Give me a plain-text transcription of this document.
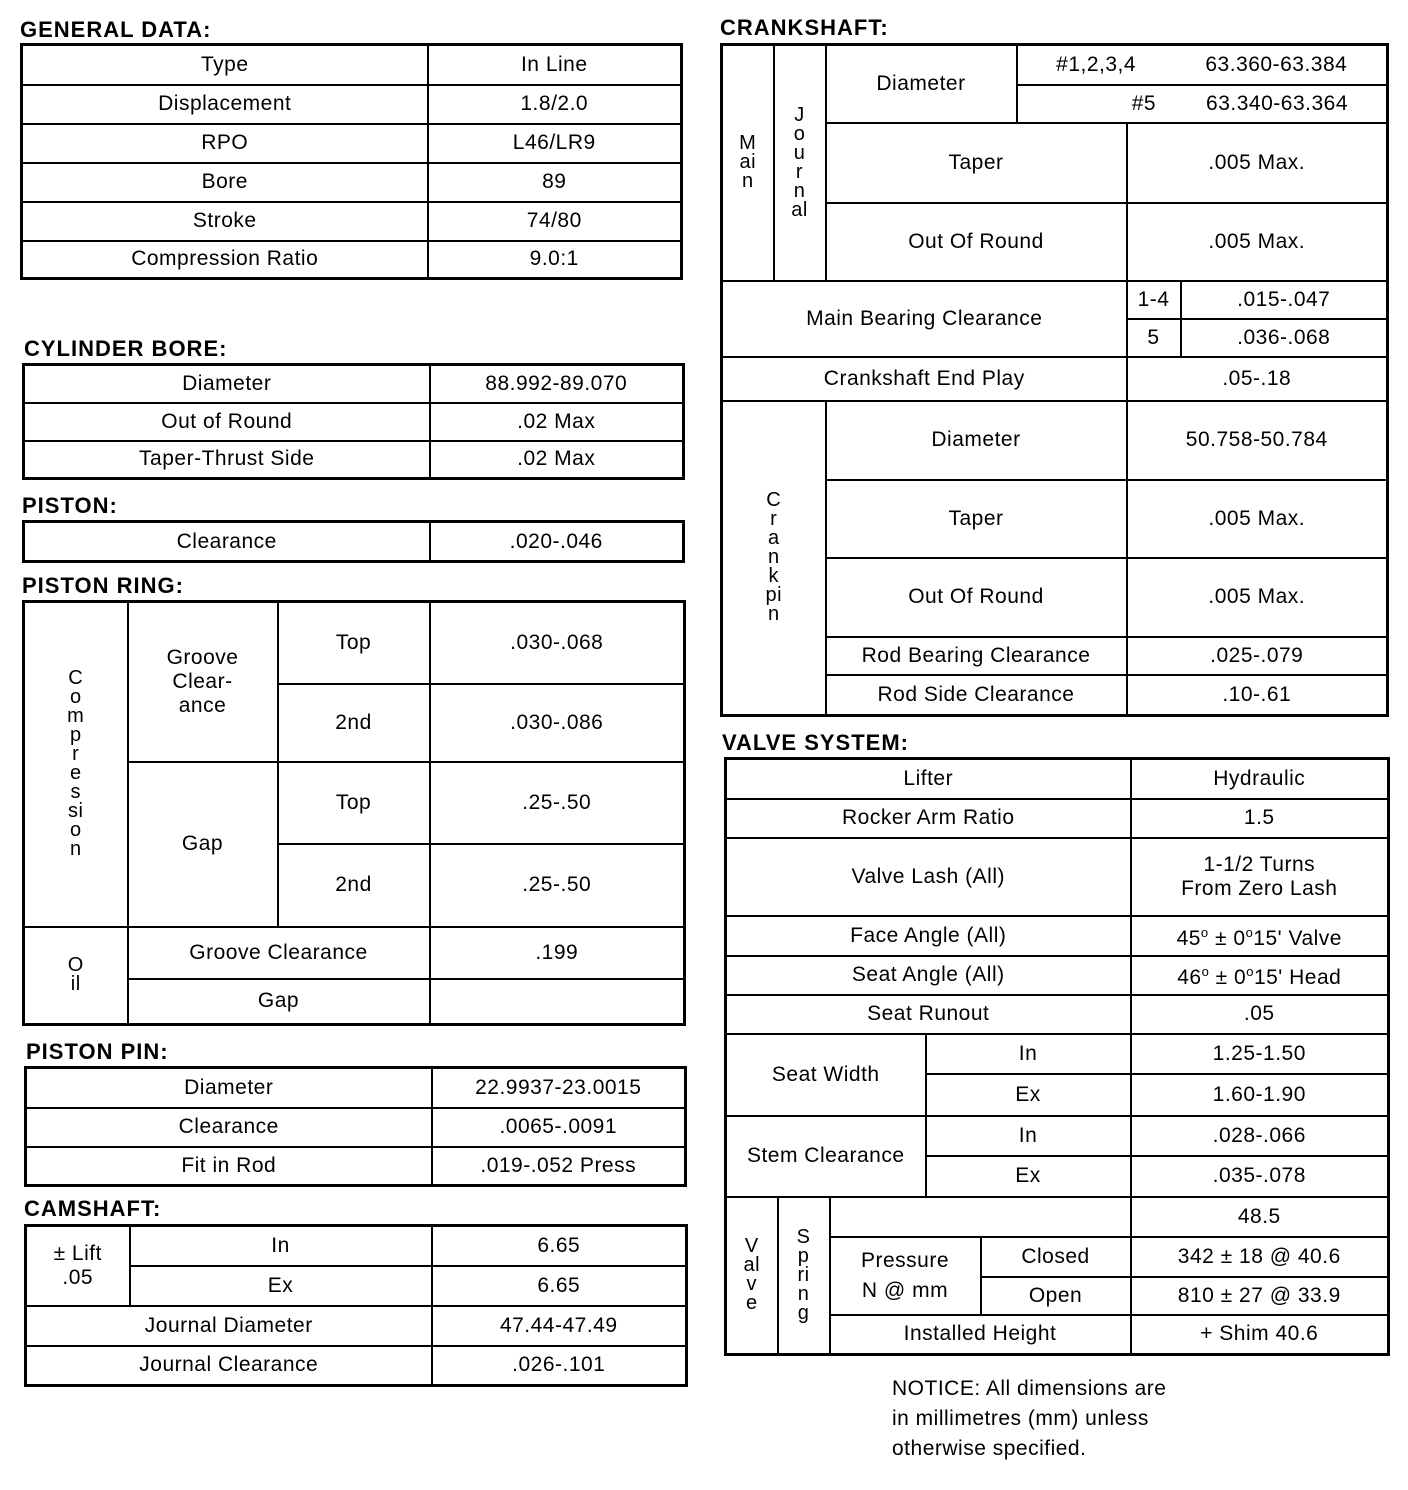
GENERAL DATA:
Type	In Line
Displacement	1.8/2.0
RPO	L46/LR9
Bore	89
Stroke	74/80
Compression Ratio	9.0:1
CYLINDER BORE:
Diameter	88.992-89.070
Out of Round	.02 Max
Taper-Thrust Side	.02 Max
PISTON:
Clearance	.020-.046
PISTON RING:
Compression	Groove Clear- ance	Top	.030-.068
		2nd	.030-.086
	Gap	Top	.25-.50
		2nd	.25-.50
Oil	Groove Clearance		.199
	Gap		
PISTON PIN:
Diameter	22.9937-23.0015
Clearance	.0065-.0091
Fit in Rod	.019-.052 Press
CAMSHAFT:
± Lift
.05	In	6.65
	Ex	6.65
Journal Diameter		47.44-47.49
Journal Clearance		.026-.101
CRANKSHAFT:
Main	Journal	Diameter	#1,2,3,4 63.360-63.384		

			#5 63.340-63.364		

		Taper		.005 Max.	
		Out Of Round		.005 Max.	
Main Bearing Clearance				1-4	.015-.047
				5	.036-.068
Crankshaft End Play				.05-.18	
Crankpin		Diameter		50.758-50.784	
		Taper		.005 Max.	
		Out Of Round		.005 Max.	
		Rod Bearing Clearance		.025-.079	
		Rod Side Clearance		.10-.61	
VALVE SYSTEM:
Lifter					Hydraulic
Rocker Arm Ratio					1.5
Valve Lash (All)					1-1/2 Turns
From Zero Lash

Face Angle (All)					$45^o \pm 0^o15'$ Valve
Seat Angle (All)					$46^o \pm 0^o15'$ Head
Seat Runout					.05
Seat Width			In		1.25-1.50
			Ex		1.60-1.90
Stem Clearance			In		.028-.066
			Ex		.035-.078
Valve	Spring				48.5

		Pressure
N @ mm		Closed	342 ± 18 @ 40.6
				Open	810 ± 27 @ 33.9
		Installed Height			+ Shim 40.6
NOTICE: All dimensions are
in millimetres (mm) unless
otherwise specified.
